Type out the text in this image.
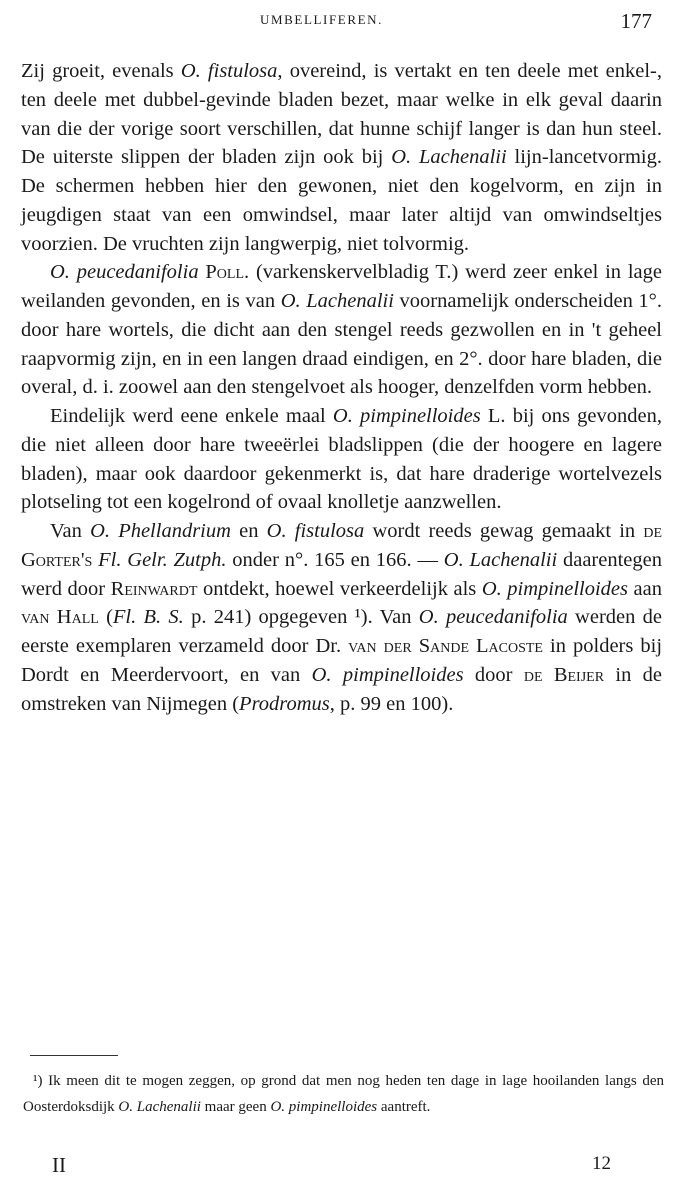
UMBELLIFEREN.	177

Zij groeit, evenals O. fistulosa, overeind, is vertakt en ten deele met enkel-, ten deele met dubbel-gevinde bladen bezet, maar welke in elk geval daarin van die der vorige soort verschillen, dat hunne schijf langer is dan hun steel. De uiterste slippen der bladen zijn ook bij O. Lachenalii lijn-lancetvormig. De schermen hebben hier den gewonen, niet den kogelvorm, en zijn in jeugdigen staat van een omwindsel, maar later altijd van omwindseltjes voorzien. De vruchten zijn langwerpig, niet tolvormig.

O. peucedanifolia Poll. (varkenskervelbladig T.) werd zeer enkel in lage weilanden gevonden, en is van O. Lachenalii voornamelijk onderscheiden 1°. door hare wortels, die dicht aan den stengel reeds gezwollen en in 't geheel raapvormig zijn, en in een langen draad eindigen, en 2°. door hare bladen, die overal, d. i. zoowel aan den stengelvoet als hooger, denzelfden vorm hebben.

Eindelijk werd eene enkele maal O. pimpinelloides L. bij ons gevonden, die niet alleen door hare tweeërlei bladslippen (die der hoogere en lagere bladen), maar ook daardoor gekenmerkt is, dat hare draderige wortelvezels plotseling tot een kogelrond of ovaal knolletje aanzwellen.

Van O. Phellandrium en O. fistulosa wordt reeds gewag gemaakt in de Gorter's Fl. Gelr. Zutph. onder n°. 165 en 166. — O. Lachenalii daarentegen werd door Reinwardt ontdekt, hoewel verkeerdelijk als O. pimpinelloides aan van Hall (Fl. B. S. p. 241) opgegeven ¹). Van O. peucedanifolia werden de eerste exemplaren verzameld door Dr. van der Sande Lacoste in polders bij Dordt en Meerdervoort, en van O. pimpinelloides door de Beijer in de omstreken van Nijmegen (Prodromus, p. 99 en 100).

¹) Ik meen dit te mogen zeggen, op grond dat men nog heden ten dage in lage hooilanden langs den Oosterdoksdijk O. Lachenalii maar geen O. pimpinelloides aantreft.

II	12
